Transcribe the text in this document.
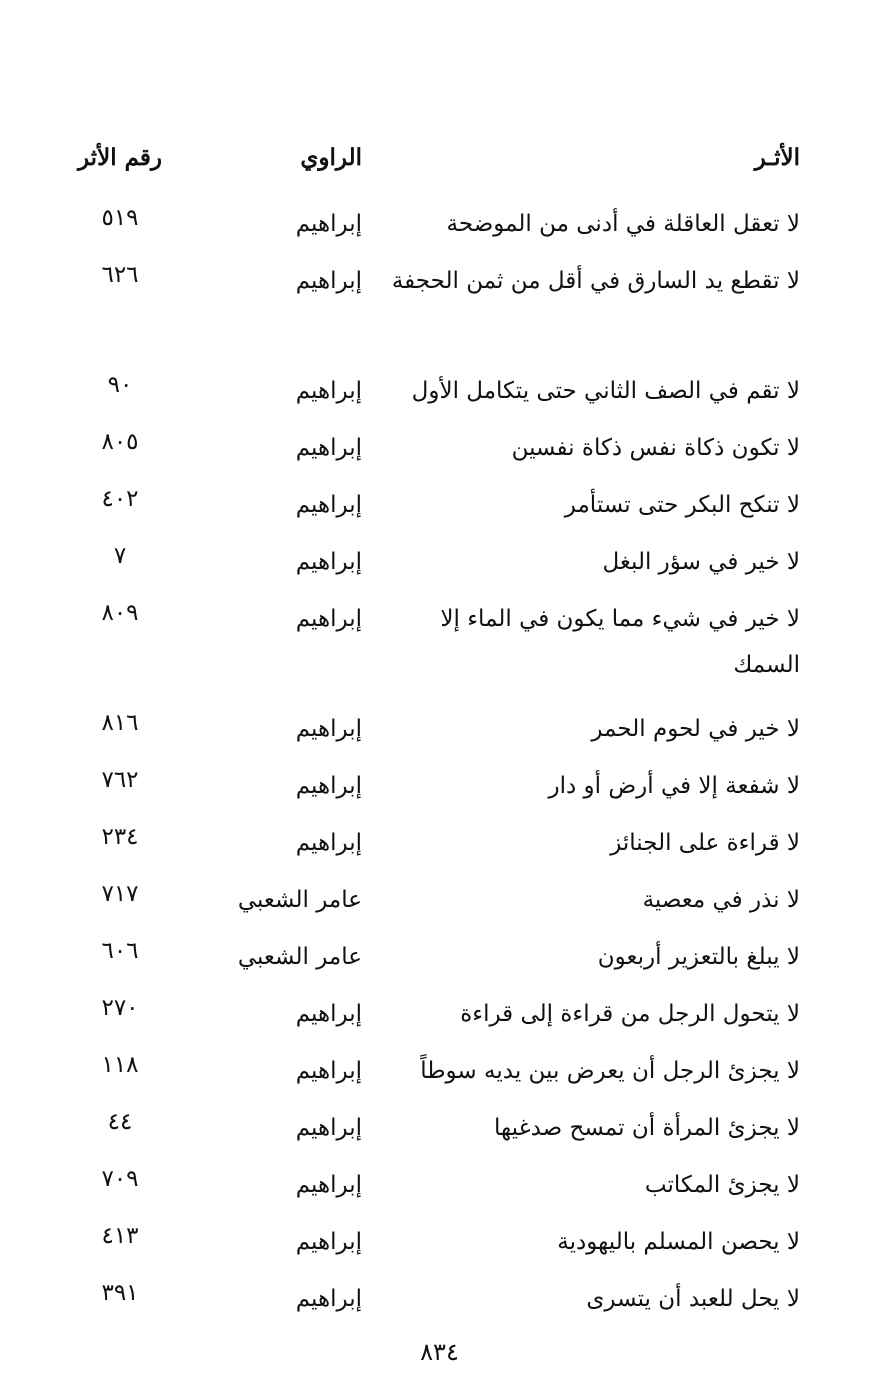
الأثـر
الراوي
رقم الأثر
لا تعقل العاقلة في أدنى من الموضحة
إبراهيم
٥١٩
لا تقطع يد السارق في أقل من ثمن الحجفة
إبراهيم
٦٢٦
لا تقم في الصف الثاني حتى يتكامل الأول
إبراهيم
٩٠
لا تكون ذكاة نفس ذكاة نفسين
إبراهيم
٨٠٥
لا تنكح البكر حتى تستأمر
إبراهيم
٤٠٢
لا خير في سؤر البغل
إبراهيم
٧
لا خير في شيء مما يكون في الماء إلا السمك
إبراهيم
٨٠٩
لا خير في لحوم الحمر
إبراهيم
٨١٦
لا شفعة إلا في أرض أو دار
إبراهيم
٧٦٢
لا قراءة على الجنائز
إبراهيم
٢٣٤
لا نذر في معصية
عامر الشعبي
٧١٧
لا يبلغ بالتعزير أربعون
عامر الشعبي
٦٠٦
لا يتحول الرجل من قراءة إلى قراءة
إبراهيم
٢٧٠
لا يجزئ الرجل أن يعرض بين يديه سوطاً
إبراهيم
١١٨
لا يجزئ المرأة أن تمسح صدغيها
إبراهيم
٤٤
لا يجزئ المكاتب
إبراهيم
٧٠٩
لا يحصن المسلم باليهودية
إبراهيم
٤١٣
لا يحل للعبد أن يتسرى
إبراهيم
٣٩١
٨٣٤
